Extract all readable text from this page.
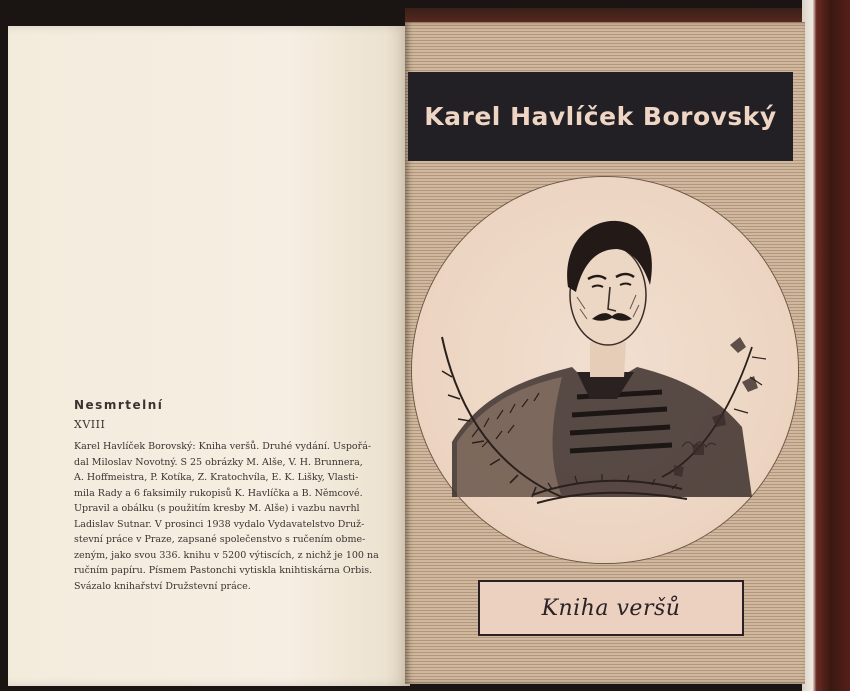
Nesmrtelní
XVIII

Karel Havlíček Borovský: Kniha veršů. Druhé vydání. Uspořá-

dal Miloslav Novotný. S 25 obrázky M. Alše, V. H. Brunnera,

A. Hoffmeistra, P. Kotíka, Z. Kratochvíla, E. K. Lišky, Vlasti-

mila Rady a 6 faksimily rukopisů K. Havlíčka a B. Němcové.

Upravil a obálku (s použitím kresby M. Alše) i vazbu navrhl

Ladislav Sutnar. V prosinci 1938 vydalo Vydavatelstvo Druž-

stevní práce v Praze, zapsané společenstvo s ručením obme-

zeným, jako svou 336. knihu v 5200 výtiscích, z nichž je 100 na

ručním papíru. Písmem Pastonchi vytiskla knihtiskárna Orbis.

Svázalo knihařství Družstevní práce.

Karel Havlíček Borovský
Kniha veršů
